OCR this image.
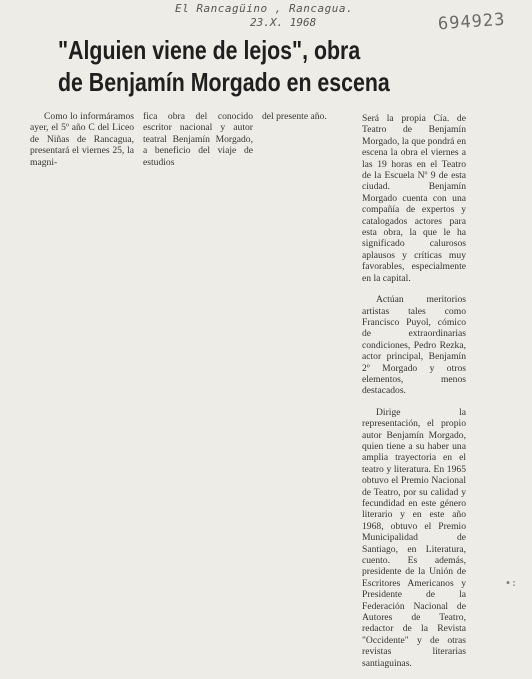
El Rancagüino , Rancagua.
23.X. 1968	694923
"Alguien viene de lejos", obra
de Benjamín Morgado en escena

Como lo informáramos ayer, el 5º año C del Liceo de Niñas de Rancagua, presentará el viernes 25, la magni-

fica obra del conocido escritor nacional y autor teatral Benjamín Morgado, a beneficio del viaje de estudios

del presente año.	Será la propia Cía. de Teatro de Benjamín Morgado, la que pondrá en escena la obra el viernes a las 19 horas en el Teatro de la Escuela Nº 9 de esta ciudad. Benjamín Morgado cuenta con una compañía de expertos y catalogados actores para esta obra, la que le ha significado calurosos aplausos y críticas muy favorables, especialmente en la capital.

Actúan meritorios artistas tales como Francisco Puyol, cómico de extraordinarias condiciones, Pedro Rezka, actor principal, Benjamín 2º Morgado y otros elementos, menos destacados.

Dirige la representación, el propio autor Benjamín Morgado, quien tiene a su haber una amplia trayectoria en el teatro y literatura. En 1965 obtuvo el Premio Nacional de Teatro, por su calidad y fecundidad en este género literario y en este año 1968, obtuvo el Premio Municipalidad de Santiago, en Literatura, cuento. Es además, presidente de la Unión de Escritores Americanos y Presidente de la Federación Nacional de Autores de Teatro, redactor de la Revista "Occidente" y de otras revistas literarias santiaguinas.

•:
